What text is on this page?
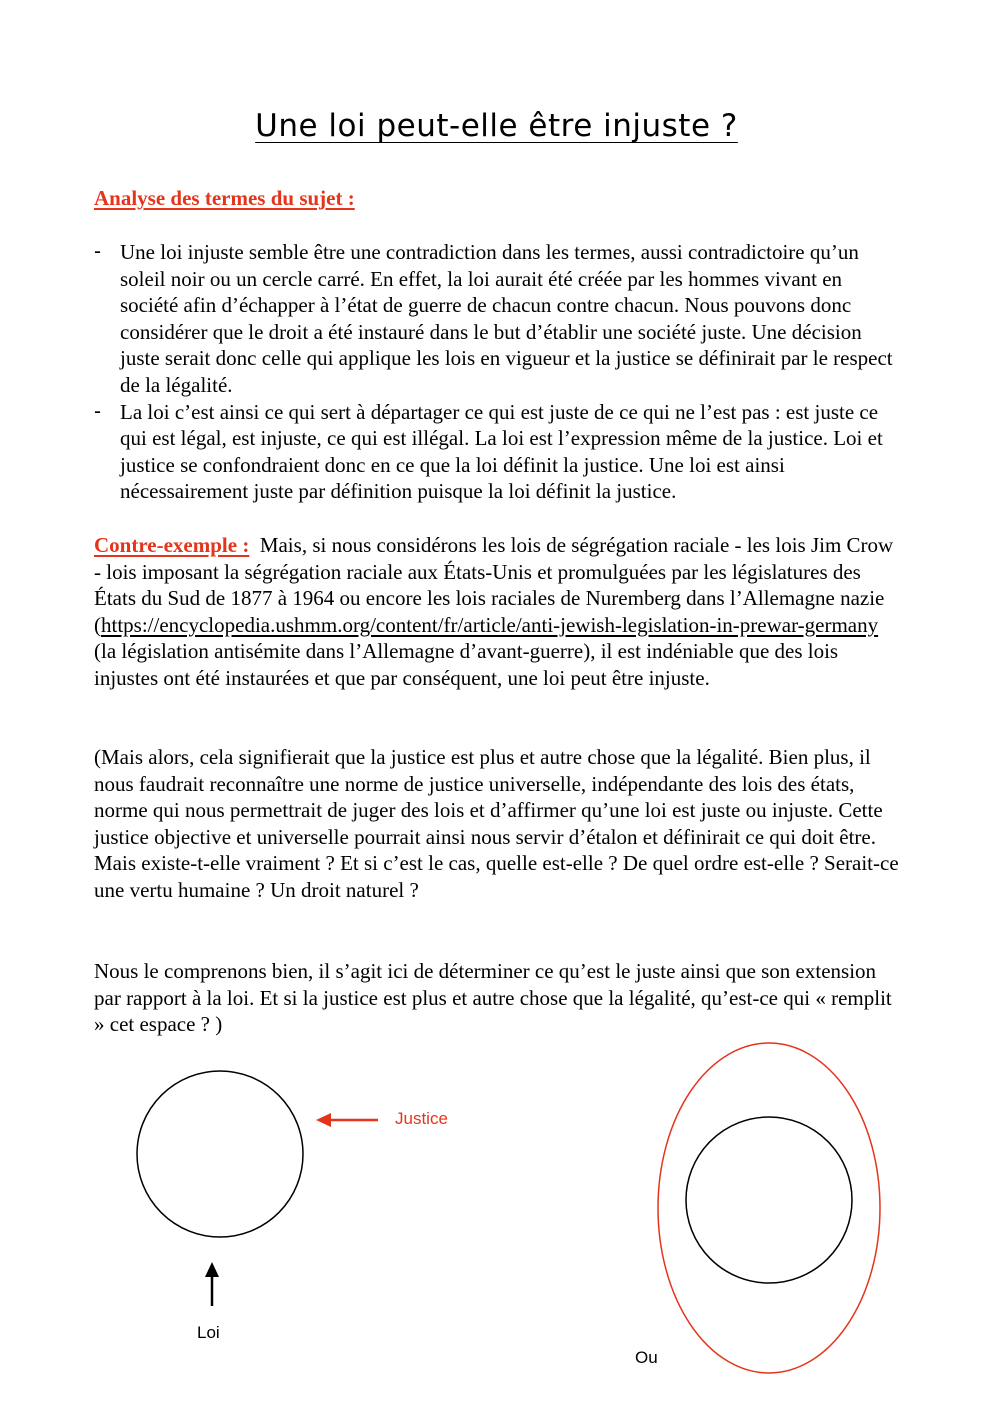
Une loi peut-elle être injuste ?

Analyse des termes du sujet :

- Une loi injuste semble être une contradiction dans les termes, aussi contradictoire qu’un soleil noir ou un cercle carré. En effet, la loi aurait été créée par les hommes vivant en société afin d’échapper à l’état de guerre de chacun contre chacun. Nous pouvons donc considérer que le droit a été instauré dans le but d’établir une société juste. Une décision juste serait donc celle qui applique les lois en vigueur et la justice se définirait par le respect de la légalité.
- La loi c’est ainsi ce qui sert à départager ce qui est juste de ce qui ne l’est pas : est juste ce qui est légal, est injuste, ce qui est illégal. La loi est l’expression même de la justice. Loi et justice se confondraient donc en ce que la loi définit la justice. Une loi est ainsi nécessairement juste par définition puisque la loi définit la justice.

Contre-exemple : Mais, si nous considérons les lois de ségrégation raciale - les lois Jim Crow - lois imposant la ségrégation raciale aux États-Unis et promulguées par les législatures des États du Sud de 1877 à 1964 ou encore les lois raciales de Nuremberg dans l’Allemagne nazie (https://encyclopedia.ushmm.org/content/fr/article/anti-jewish-legislation-in-prewar-germany (la législation antisémite dans l’Allemagne d’avant-guerre), il est indéniable que des lois injustes ont été instaurées et que par conséquent, une loi peut être injuste.

(Mais alors, cela signifierait que la justice est plus et autre chose que la légalité. Bien plus, il nous faudrait reconnaître une norme de justice universelle, indépendante des lois des états, norme qui nous permettrait de juger des lois et d’affirmer qu’une loi est juste ou injuste. Cette justice objective et universelle pourrait ainsi nous servir d’étalon et définirait ce qui doit être. Mais existe-t-elle vraiment ? Et si c’est le cas, quelle est-elle ? De quel ordre est-elle ? Serait-ce une vertu humaine ? Un droit naturel ?

Nous le comprenons bien, il s’agit ici de déterminer ce qu’est le juste ainsi que son extension par rapport à la loi. Et si la justice est plus et autre chose que la légalité, qu’est-ce qui « remplit » cet espace ? )

Justice
Loi
Ou
